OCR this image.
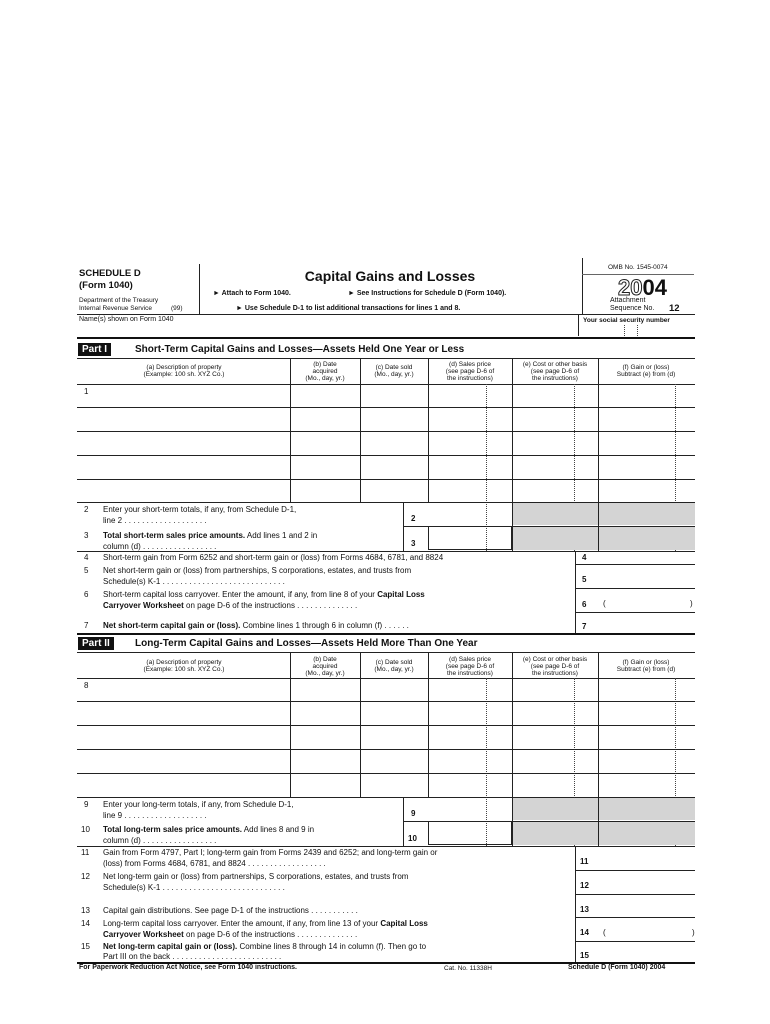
SCHEDULE D
(Form 1040)
Department of the Treasury
Internal Revenue Service	(99)
Capital Gains and Losses
► Attach to Form 1040.	► See Instructions for Schedule D (Form 1040).
► Use Schedule D-1 to list additional transactions for lines 1 and 8.
OMB No. 1545-0074
2004
Attachment
Sequence No. 12
Name(s) shown on Form 1040	Your social security number
Part I	Short-Term Capital Gains and Losses—Assets Held One Year or Less
(a) Description of property
(Example: 100 sh. XYZ Co.)
(b) Date
acquired
(Mo., day, yr.)
(c) Date sold
(Mo., day, yr.)
(d) Sales price
(see page D-6 of
the instructions)
(e) Cost or other basis
(see page D-6 of
the instructions)
(f) Gain or (loss)
Subtract (e) from (d)
1
2 Enter your short-term totals, if any, from Schedule D-1,
line 2 . . . . . . . . . . . . . . . . . . .	2
3 Total short-term sales price amounts. Add lines 1 and 2 in
column (d) . . . . . . . . . . . . . . . . .	3
4 Short-term gain from Form 6252 and short-term gain or (loss) from Forms 4684, 6781, and 8824	4
5 Net short-term gain or (loss) from partnerships, S corporations, estates, and trusts from
Schedule(s) K-1 . . . . . . . . . . . . . . . . . . . . . . . . . . . .	5
6 Short-term capital loss carryover. Enter the amount, if any, from line 8 of your Capital Loss
Carryover Worksheet on page D-6 of the instructions . . . . . . . . . . . . . .	6 (	)
7 Net short-term capital gain or (loss). Combine lines 1 through 6 in column (f) . . . . . .	7
Part II	Long-Term Capital Gains and Losses—Assets Held More Than One Year
(a) Description of property
(Example: 100 sh. XYZ Co.)
(b) Date
acquired
(Mo., day, yr.)
(c) Date sold
(Mo., day, yr.)
(d) Sales price
(see page D-6 of
the instructions)
(e) Cost or other basis
(see page D-6 of
the instructions)
(f) Gain or (loss)
Subtract (e) from (d)
8
9 Enter your long-term totals, if any, from Schedule D-1,
line 9 . . . . . . . . . . . . . . . . . . .	9
10 Total long-term sales price amounts. Add lines 8 and 9 in
column (d) . . . . . . . . . . . . . . . . .	10
11 Gain from Form 4797, Part I; long-term gain from Forms 2439 and 6252; and long-term gain or
(loss) from Forms 4684, 6781, and 8824 . . . . . . . . . . . . . . . . . .	11
12 Net long-term gain or (loss) from partnerships, S corporations, estates, and trusts from
Schedule(s) K-1 . . . . . . . . . . . . . . . . . . . . . . . . . . . .	12
13 Capital gain distributions. See page D-1 of the instructions . . . . . . . . . . .	13
14 Long-term capital loss carryover. Enter the amount, if any, from line 13 of your Capital Loss
Carryover Worksheet on page D-6 of the instructions . . . . . . . . . . . . . .	14 (	)
15 Net long-term capital gain or (loss). Combine lines 8 through 14 in column (f). Then go to
Part III on the back . . . . . . . . . . . . . . . . . . . . . . . . .	15
For Paperwork Reduction Act Notice, see Form 1040 instructions.	Cat. No. 11338H	Schedule D (Form 1040) 2004
